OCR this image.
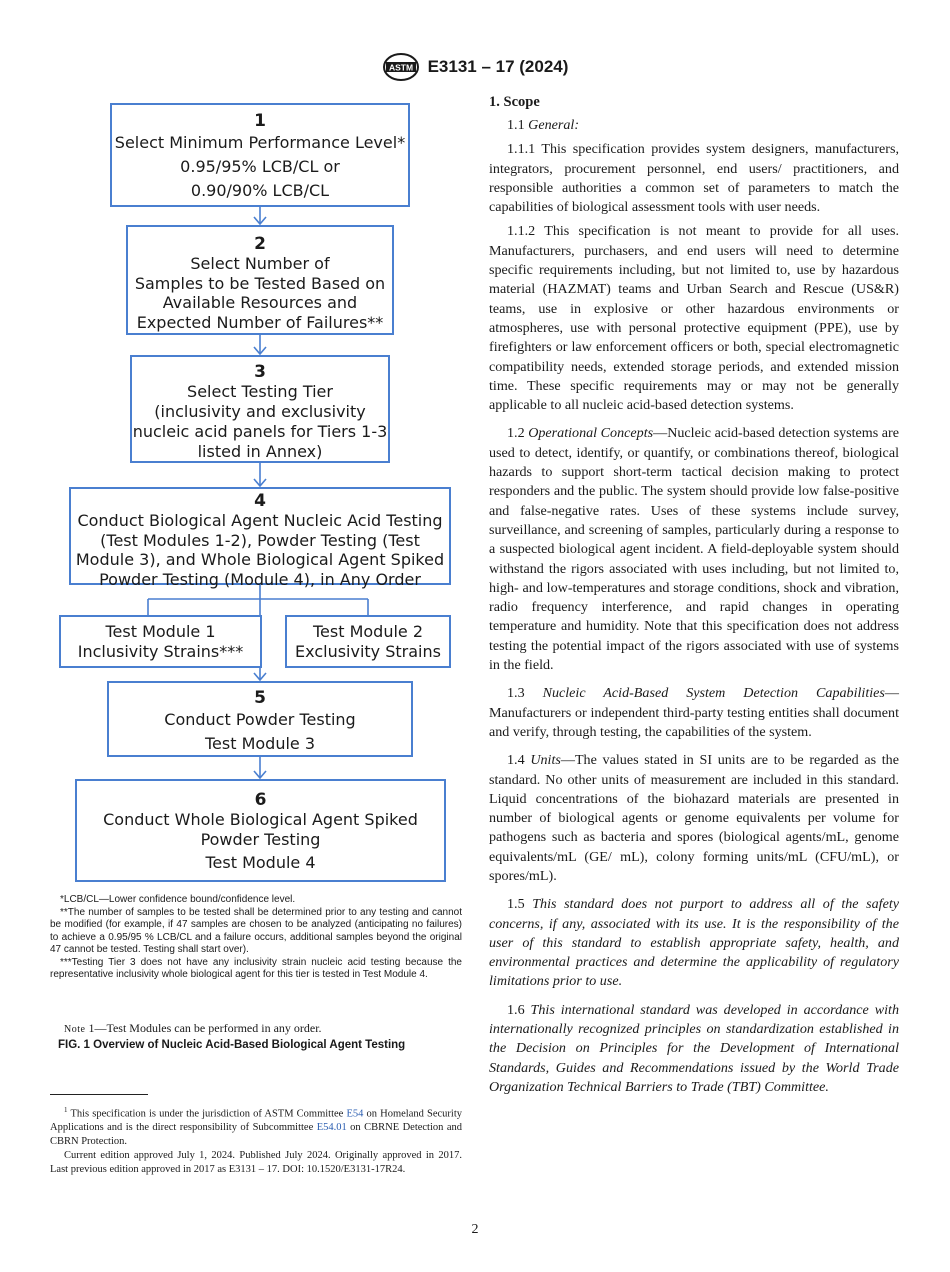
ASTM E3131 – 17 (2024)
1
Select Minimum Performance Level*
0.95/95% LCB/CL or
0.90/90% LCB/CL
2
Select Number of
Samples to be Tested Based on
Available Resources and
Expected Number of Failures**
3
Select Testing Tier
(inclusivity and exclusivity
nucleic acid panels for Tiers 1-3
listed in Annex)
4
Conduct Biological Agent Nucleic Acid Testing
(Test Modules 1-2), Powder Testing (Test
Module 3), and Whole Biological Agent Spiked
Powder Testing (Module 4), in Any Order
Test Module 1
Inclusivity Strains***
Test Module 2
Exclusivity Strains
5
Conduct Powder Testing
Test Module 3
6
Conduct Whole Biological Agent Spiked
Powder Testing
Test Module 4

*LCB/CL—Lower confidence bound/confidence level.

**The number of samples to be tested shall be determined prior to any testing and cannot be modified (for example, if 47 samples are chosen to be analyzed (anticipating no failures) to achieve a 0.95/95 % LCB/CL and a failure occurs, additional samples beyond the original 47 cannot be tested. Testing shall start over).

***Testing Tier 3 does not have any inclusivity strain nucleic acid testing because the representative inclusivity whole biological agent for this tier is tested in Test Module 4.

Note 1—Test Modules can be performed in any order.
FIG. 1 Overview of Nucleic Acid-Based Biological Agent Testing

$^1$ This specification is under the jurisdiction of ASTM Committee E54 on Homeland Security Applications and is the direct responsibility of Subcommittee E54.01 on CBRNE Detection and CBRN Protection.

Current edition approved July 1, 2024. Published July 2024. Originally approved in 2017. Last previous edition approved in 2017 as E3131 – 17. DOI: 10.1520/E3131-17R24.

1. Scope

1.1 General:

1.1.1 This specification provides system designers, manufacturers, integrators, procurement personnel, end users/ practitioners, and responsible authorities a common set of parameters to match the capabilities of biological assessment tools with user needs.

1.1.2 This specification is not meant to provide for all uses. Manufacturers, purchasers, and end users will need to determine specific requirements including, but not limited to, use by hazardous material (HAZMAT) teams and Urban Search and Rescue (US&R) teams, use in explosive or other hazardous environments or atmospheres, use with personal protective equipment (PPE), use by firefighters or law enforcement officers or both, special electromagnetic compatibility needs, extended storage periods, and extended mission time. These specific requirements may or may not be generally applicable to all nucleic acid-based detection systems.

1.2 Operational Concepts—Nucleic acid-based detection systems are used to detect, identify, or quantify, or combinations thereof, biological hazards to support short-term tactical decision making to protect responders and the public. The system should provide low false-positive and false-negative rates. Uses of these systems include survey, surveillance, and screening of samples, particularly during a response to a suspected biological agent incident. A field-deployable system should withstand the rigors associated with uses including, but not limited to, high- and low-temperatures and storage conditions, shock and vibration, radio frequency interference, and rapid changes in operating temperature and humidity. Note that this specification does not address testing the potential impact of the rigors associated with use of systems in the field.

1.3 Nucleic Acid-Based System Detection Capabilities— Manufacturers or independent third-party testing entities shall document and verify, through testing, the capabilities of the system.

1.4 Units—The values stated in SI units are to be regarded as the standard. No other units of measurement are included in this standard. Liquid concentrations of the biohazard materials are presented in number of biological agents or genome equivalents per volume for pathogens such as bacteria and spores (biological agents/mL, genome equivalents/mL (GE/ mL), colony forming units/mL (CFU/mL), or spores/mL).

1.5 This standard does not purport to address all of the safety concerns, if any, associated with its use. It is the responsibility of the user of this standard to establish appropriate safety, health, and environmental practices and determine the applicability of regulatory limitations prior to use.

1.6 This international standard was developed in accordance with internationally recognized principles on standardization established in the Decision on Principles for the Development of International Standards, Guides and Recommendations issued by the World Trade Organization Technical Barriers to Trade (TBT) Committee.

2
